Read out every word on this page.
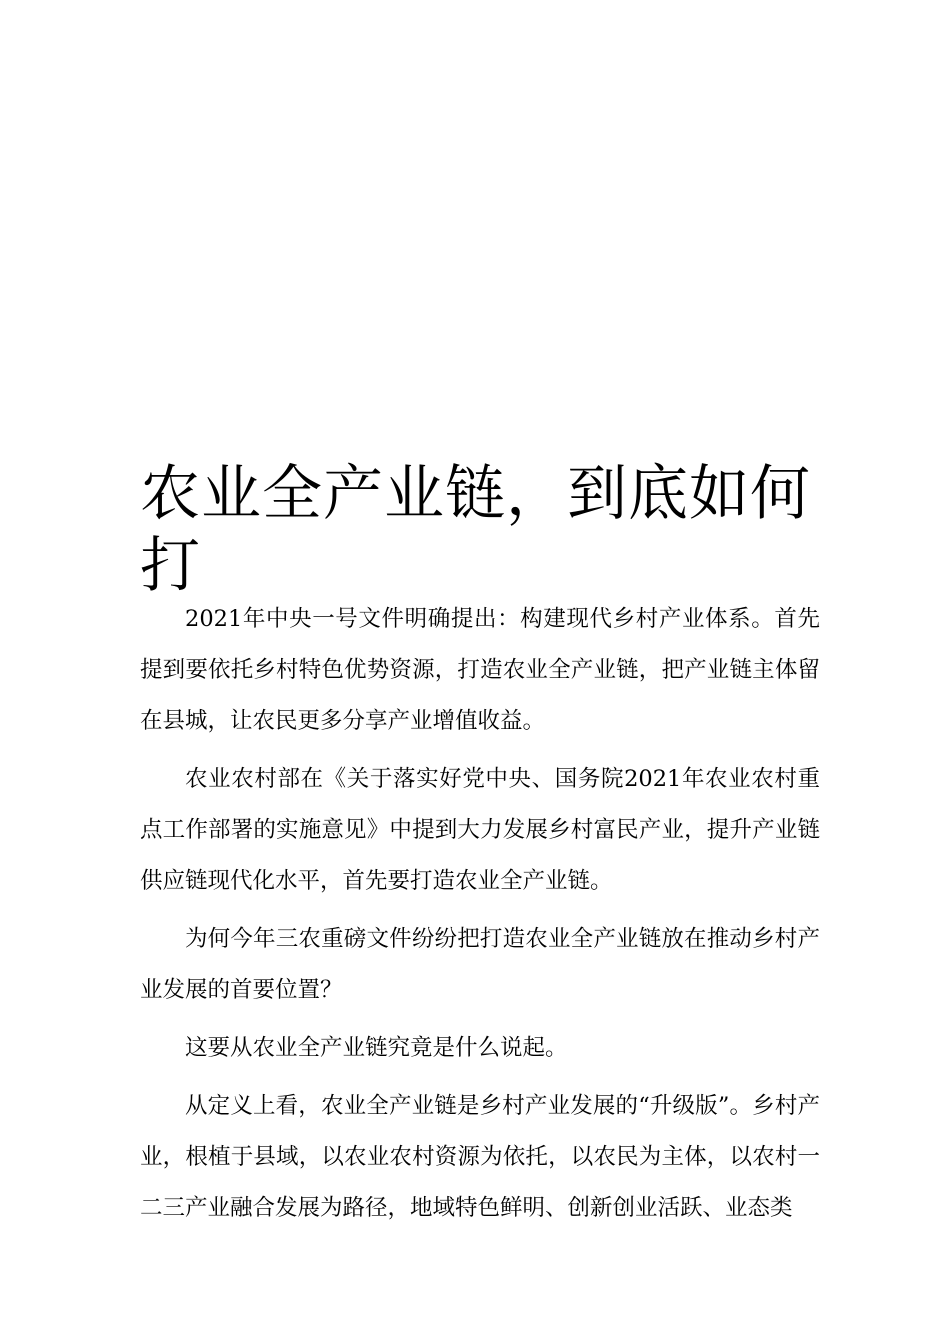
农业全产业链，到底如何打

2021年中央一号文件明确提出：构建现代乡村产业体系。首先提到要依托乡村特色优势资源，打造农业全产业链，把产业链主体留在县城，让农民更多分享产业增值收益。

农业农村部在《关于落实好党中央、国务院2021年农业农村重点工作部署的实施意见》中提到大力发展乡村富民产业，提升产业链供应链现代化水平，首先要打造农业全产业链。

为何今年三农重磅文件纷纷把打造农业全产业链放在推动乡村产业发展的首要位置？

这要从农业全产业链究竟是什么说起。

从定义上看，农业全产业链是乡村产业发展的“升级版”。乡村产业，根植于县域，以农业农村资源为依托，以农民为主体，以农村一二三产业融合发展为路径，地域特色鲜明、创新创业活跃、业态类
